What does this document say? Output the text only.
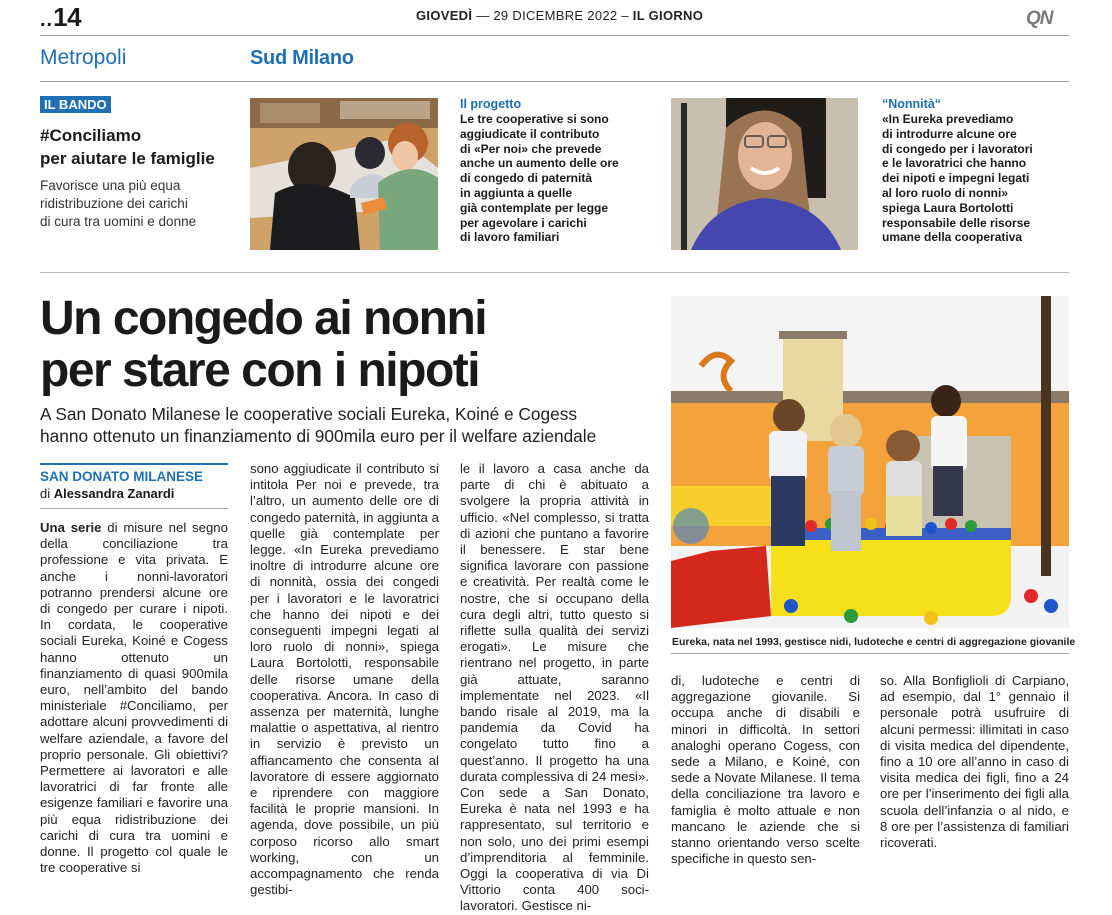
..14	GIOVEDÌ — 29 DICEMBRE 2022 – IL GIORNO	QN
Metropoli	Sud Milano
IL BANDO
#Conciliamo
per aiutare le famiglie
Favorisce una più equa
ridistribuzione dei carichi
di cura tra uomini e donne
Il progetto
Le tre cooperative si sono
aggiudicate il contributo
di «Per noi» che prevede
anche un aumento delle ore
di congedo di paternità
in aggiunta a quelle
già contemplate per legge
per agevolare i carichi
di lavoro familiari
“Nonnità“
«In Eureka prevediamo
di introdurre alcune ore
di congedo per i lavoratori
e le lavoratrici che hanno
dei nipoti e impegni legati
al loro ruolo di nonni»
spiega Laura Bortolotti
responsabile delle risorse
umane della cooperativa
Un congedo ai nonni
per stare con i nipoti
A San Donato Milanese le cooperative sociali Eureka, Koiné e Cogess
hanno ottenuto un finanziamento di 900mila euro per il welfare aziendale
SAN DONATO MILANESE
di Alessandra Zanardi

Una serie di misure nel segno della conciliazione tra professione e vita privata. E anche i nonni-lavoratori potranno prendersi alcune ore di congedo per curare i nipoti. In cordata, le cooperative sociali Eureka, Koiné e Cogess hanno ottenuto un finanziamento di quasi 900mila euro, nell’ambito del bando ministeriale #Conciliamo, per adottare alcuni provvedimenti di welfare aziendale, a favore del proprio personale. Gli obiettivi? Permettere ai lavoratori e alle lavoratrici di far fronte alle esigenze familiari e favorire una più equa ridistribuzione dei carichi di cura tra uomini e donne. Il progetto col quale le tre cooperative si

sono aggiudicate il contributo si intitola Per noi e prevede, tra l’altro, un aumento delle ore di congedo paternità, in aggiunta a quelle già contemplate per legge. «In Eureka prevediamo inoltre di introdurre alcune ore di nonnità, ossia dei congedi per i lavoratori e le lavoratrici che hanno dei nipoti e dei conseguenti impegni legati al loro ruolo di nonni», spiega Laura Bortolotti, responsabile delle risorse umane della cooperativa. Ancora. In caso di assenza per maternità, lunghe malattie o aspettativa, al rientro in servizio è previsto un affiancamento che consenta al lavoratore di essere aggiornato e riprendere con maggiore facilità le proprie mansioni. In agenda, dove possibile, un più corposo ricorso allo smart working, con un accompagnamento che renda gestibi-

le il lavoro a casa anche da parte di chi è abituato a svolgere la propria attività in ufficio. «Nel complesso, si tratta di azioni che puntano a favorire il benessere. E star bene significa lavorare con passione e creatività. Per realtà come le nostre, che si occupano della cura degli altri, tutto questo si riflette sulla qualità dei servizi erogati». Le misure che rientrano nel progetto, in parte già attuate, saranno implementate nel 2023. «Il bando risale al 2019, ma la pandemia da Covid ha congelato tutto fino a quest’anno. Il progetto ha una durata complessiva di 24 mesi». Con sede a San Donato, Eureka è nata nel 1993 e ha rappresentato, sul territorio e non solo, uno dei primi esempi d’imprenditoria al femminile. Oggi la cooperativa di via Di Vittorio conta 400 soci-lavoratori. Gestisce ni-

Eureka, nata nel 1993, gestisce nidi, ludoteche e centri di aggregazione giovanile

di, ludoteche e centri di aggregazione giovanile. Si occupa anche di disabili e minori in difficoltà. In settori analoghi operano Cogess, con sede a Milano, e Koiné, con sede a Novate Milanese. Il tema della conciliazione tra lavoro e famiglia è molto attuale e non mancano le aziende che si stanno orientando verso scelte specifiche in questo sen-

so. Alla Bonfiglioli di Carpiano, ad esempio, dal 1° gennaio il personale potrà usufruire di alcuni permessi: illimitati in caso di visita medica del dipendente, fino a 10 ore all’anno in caso di visita medica dei figli, fino a 24 ore per l’inserimento dei figli alla scuola dell’infanzia o al nido, e 8 ore per l’assistenza di familiari ricoverati.
